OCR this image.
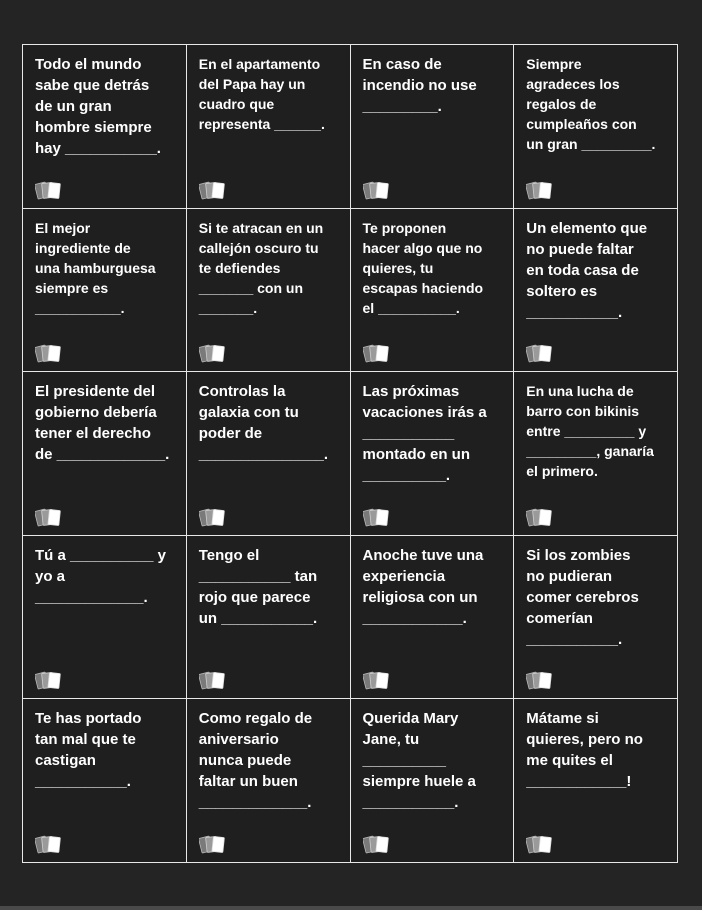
Todo el mundo
sabe que detrás
de un gran
hombre siempre
hay ___________.

En el apartamento
del Papa hay un
cuadro que
representa ______.

En caso de
incendio no use
_________.

Siempre
agradeces los
regalos de
cumpleaños con
un gran _________.

El mejor
ingrediente de
una hamburguesa
siempre es
___________.

Si te atracan en un
callejón oscuro tu
te defiendes
_______ con un
_______.

Te proponen
hacer algo que no
quieres, tu
escapas haciendo
el __________.

Un elemento que
no puede faltar
en toda casa de
soltero es
___________.

El presidente del
gobierno debería
tener el derecho
de _____________.

Controlas la
galaxia con tu
poder de
_______________.

Las próximas
vacaciones irás a
___________
montado en un
__________.

En una lucha de
barro con bikinis
entre _________ y
_________, ganaría
el primero.

Tú a __________ y
yo a
_____________.

Tengo el
___________ tan
rojo que parece
un ___________.

Anoche tuve una
experiencia
religiosa con un
____________.

Si los zombies
no pudieran
comer cerebros
comerían
___________.

Te has portado
tan mal que te
castigan
___________.

Como regalo de
aniversario
nunca puede
faltar un buen
_____________.

Querida Mary
Jane, tu
__________
siempre huele a
___________.

Mátame si
quieres, pero no
me quites el
____________!
